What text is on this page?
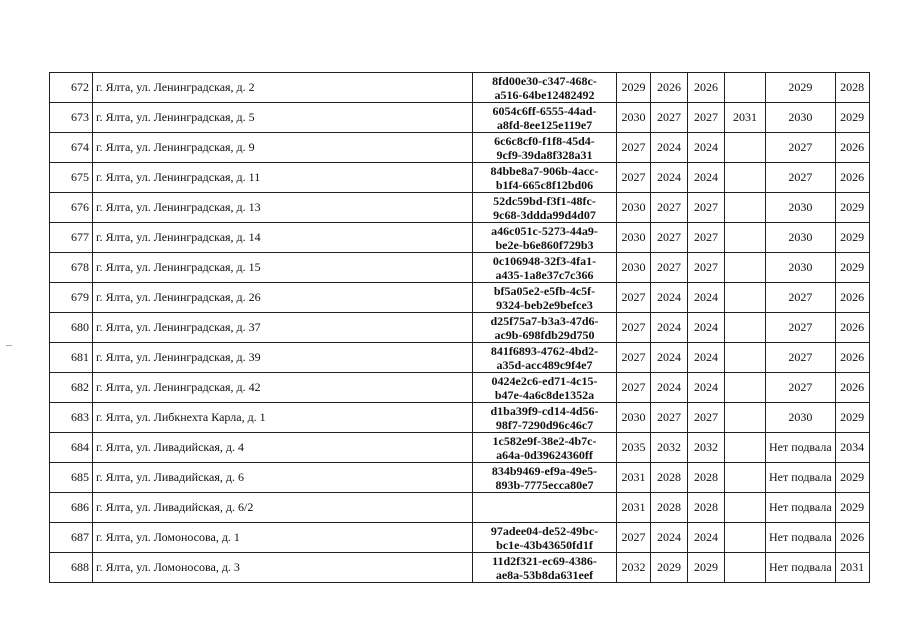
672	г. Ялта, ул. Ленинградская, д. 2	8fd00e30-c347-468c-
a516-64be12482492	2029	2026	2026		2029	2028
673	г. Ялта, ул. Ленинградская, д. 5	6054c6ff-6555-44ad-
a8fd-8ee125e119e7	2030	2027	2027	2031	2030	2029
674	г. Ялта, ул. Ленинградская, д. 9	6c6c8cf0-f1f8-45d4-
9cf9-39da8f328a31	2027	2024	2024		2027	2026
675	г. Ялта, ул. Ленинградская, д. 11	84bbe8a7-906b-4acc-
b1f4-665c8f12bd06	2027	2024	2024		2027	2026
676	г. Ялта, ул. Ленинградская, д. 13	52dc59bd-f3f1-48fc-
9c68-3ddda99d4d07	2030	2027	2027		2030	2029
677	г. Ялта, ул. Ленинградская, д. 14	a46c051c-5273-44a9-
be2e-b6e860f729b3	2030	2027	2027		2030	2029
678	г. Ялта, ул. Ленинградская, д. 15	0c106948-32f3-4fa1-
a435-1a8e37c7c366	2030	2027	2027		2030	2029
679	г. Ялта, ул. Ленинградская, д. 26	bf5a05e2-e5fb-4c5f-
9324-beb2e9befce3	2027	2024	2024		2027	2026
680	г. Ялта, ул. Ленинградская, д. 37	d25f75a7-b3a3-47d6-
ac9b-698fdb29d750	2027	2024	2024		2027	2026
681	г. Ялта, ул. Ленинградская, д. 39	841f6893-4762-4bd2-
a35d-acc489c9f4e7	2027	2024	2024		2027	2026
682	г. Ялта, ул. Ленинградская, д. 42	0424e2c6-ed71-4c15-
b47e-4a6c8de1352a	2027	2024	2024		2027	2026
683	г. Ялта, ул. Либкнехта Карла, д. 1	d1ba39f9-cd14-4d56-
98f7-7290d96c46c7	2030	2027	2027		2030	2029
684	г. Ялта, ул. Ливадийская, д. 4	1c582e9f-38e2-4b7c-
a64a-0d39624360ff	2035	2032	2032		Нет подвала	2034
685	г. Ялта, ул. Ливадийская, д. 6	834b9469-ef9a-49e5-
893b-7775ecca80e7	2031	2028	2028		Нет подвала	2029
686	г. Ялта, ул. Ливадийская, д. 6/2		2031	2028	2028		Нет подвала	2029
687	г. Ялта, ул. Ломоносова, д. 1	97adee04-de52-49bc-
bc1e-43b43650fd1f	2027	2024	2024		Нет подвала	2026
688	г. Ялта, ул. Ломоносова, д. 3	11d2f321-ec69-4386-
ae8a-53b8da631eef	2032	2029	2029		Нет подвала	2031
